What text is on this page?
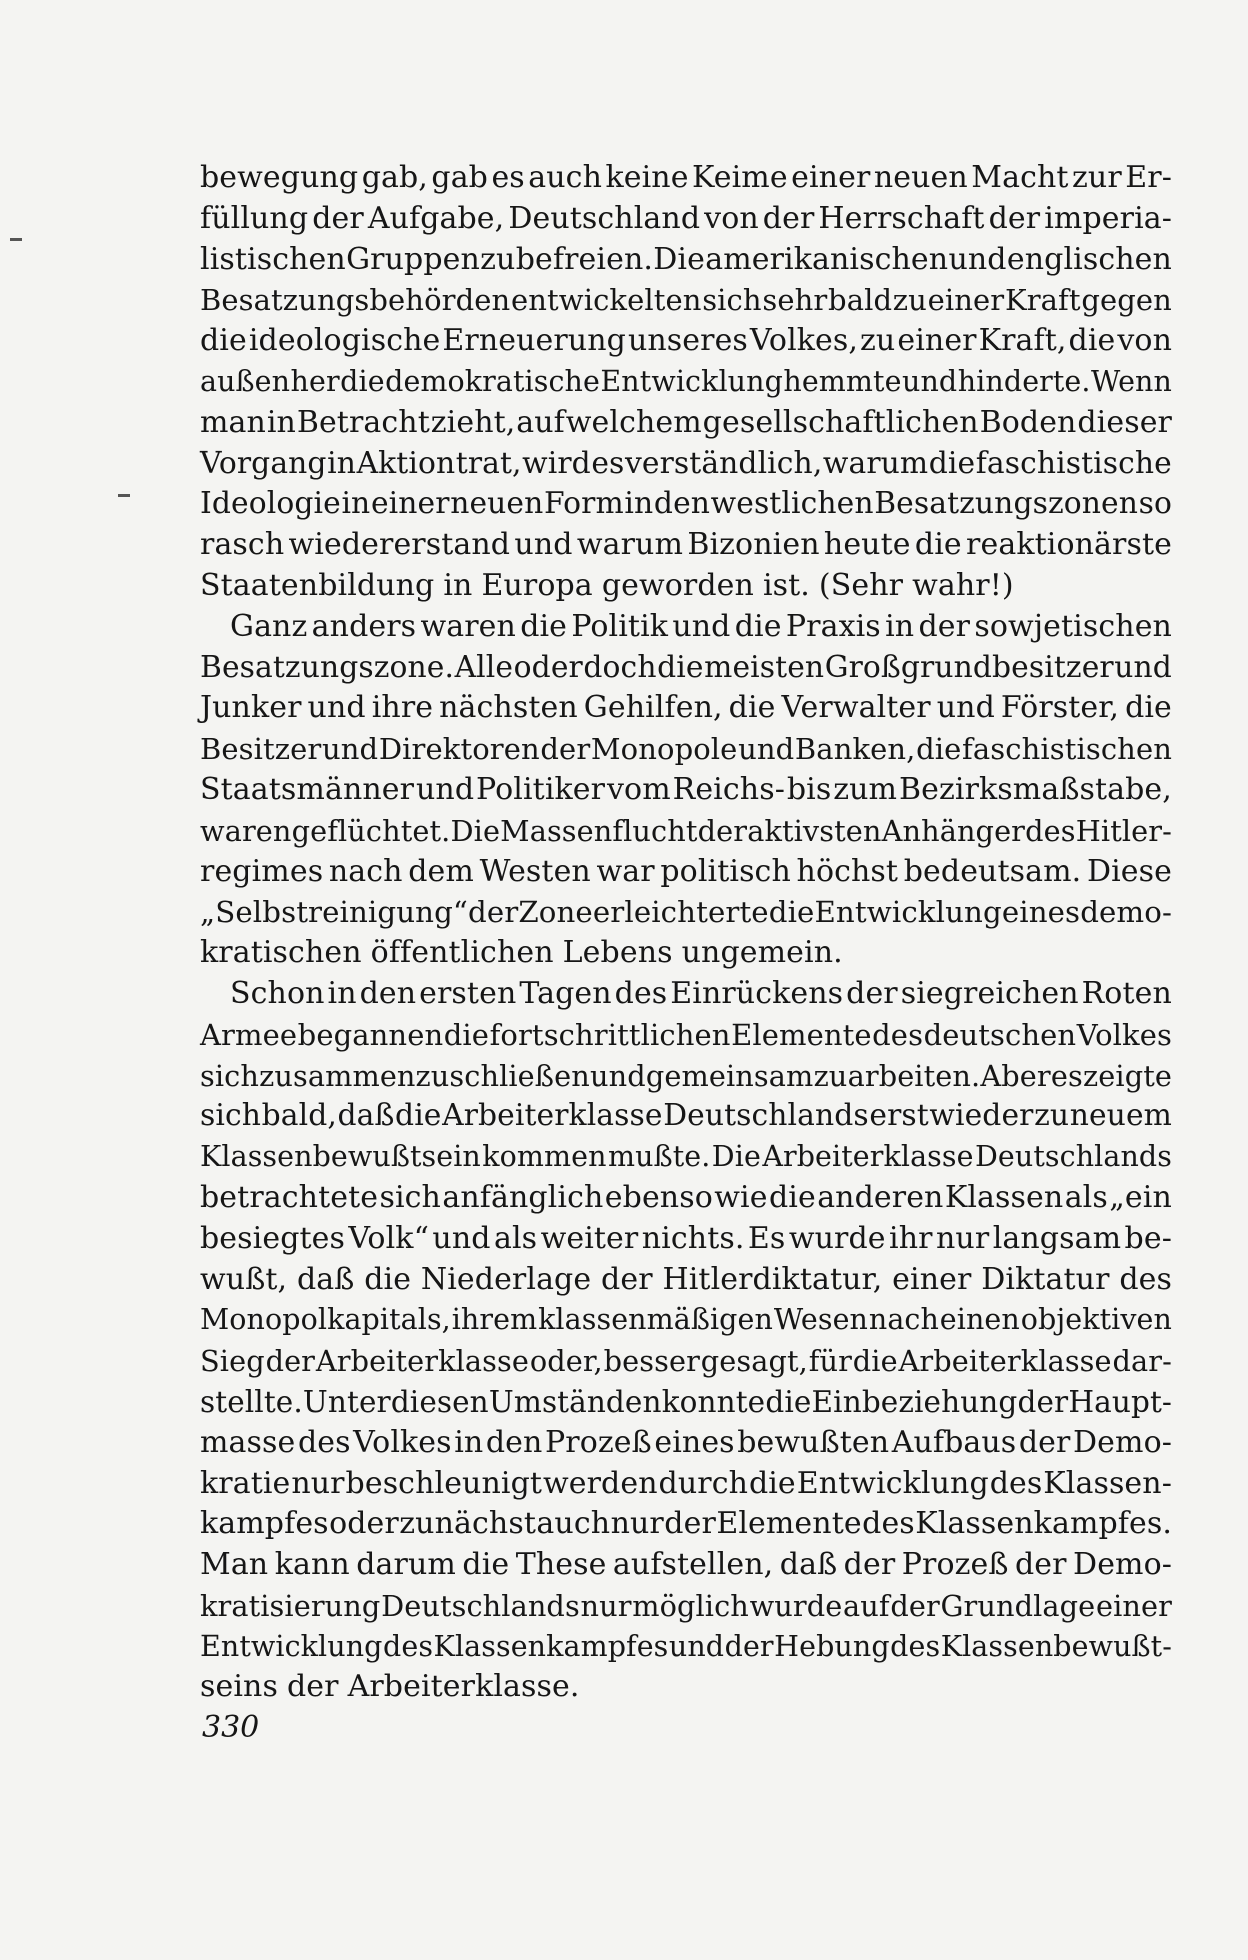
bewegung gab, gab es auch keine Keime einer neuen Macht zur Er-
füllung der Aufgabe, Deutschland von der Herrschaft der imperia-
listischen Gruppen zu befreien. Die amerikanischen und englischen
Besatzungsbehörden entwickelten sich sehr bald zu einer Kraft gegen
die ideologische Erneuerung unseres Volkes, zu einer Kraft, die von
außen her die demokratische Entwicklung hemmte und hinderte. Wenn
man in Betracht zieht, auf welchem gesellschaftlichen Boden dieser
Vorgang in Aktion trat, wird es verständlich, warum die faschistische
Ideologie in einer neuen Form in den westlichen Besatzungszonen so
rasch wiedererstand und warum Bizonien heute die reaktionärste
Staatenbildung in Europa geworden ist. (Sehr wahr!)
Ganz anders waren die Politik und die Praxis in der sowjetischen
Besatzungszone. Alle oder doch die meisten Großgrundbesitzer und
Junker und ihre nächsten Gehilfen, die Verwalter und Förster, die
Besitzer und Direktoren der Monopole und Banken, die faschistischen
Staatsmänner und Politiker vom Reichs- bis zum Bezirksmaßstabe,
waren geflüchtet. Die Massenflucht der aktivsten Anhänger des Hitler-
regimes nach dem Westen war politisch höchst bedeutsam. Diese
„Selbstreinigung“ der Zone erleichterte die Entwicklung eines demo-
kratischen öffentlichen Lebens ungemein.
Schon in den ersten Tagen des Einrückens der siegreichen Roten
Armee begannen die fortschrittlichen Elemente des deutschen Volkes
sich zusammenzuschließen und gemeinsam zu arbeiten. Aber es zeigte
sich bald, daß die Arbeiterklasse Deutschlands erst wieder zu neuem
Klassenbewußtsein kommen mußte. Die Arbeiterklasse Deutschlands
betrachtete sich anfänglich ebenso wie die anderen Klassen als „ein
besiegtes Volk“ und als weiter nichts. Es wurde ihr nur langsam be-
wußt, daß die Niederlage der Hitlerdiktatur, einer Diktatur des
Monopolkapitals, ihrem klassenmäßigen Wesen nach einen objektiven
Sieg der Arbeiterklasse oder, besser gesagt, für die Arbeiterklasse dar-
stellte. Unter diesen Umständen konnte die Einbeziehung der Haupt-
masse des Volkes in den Prozeß eines bewußten Aufbaus der Demo-
kratie nur beschleunigt werden durch die Entwicklung des Klassen-
kampfes oder zunächst auch nur der Elemente des Klassenkampfes.
Man kann darum die These aufstellen, daß der Prozeß der Demo-
kratisierung Deutschlands nur möglich wurde auf der Grundlage einer
Entwicklung des Klassenkampfes und der Hebung des Klassenbewußt-
seins der Arbeiterklasse.
330
